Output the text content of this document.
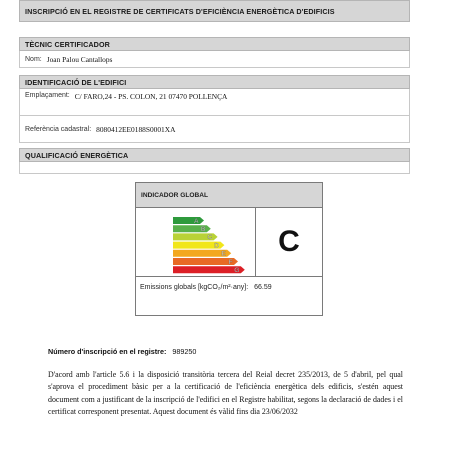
INSCRIPCIÓ EN EL REGISTRE DE CERTIFICATS D'EFICIÈNCIA ENERGÈTICA D'EDIFICIS
TÈCNIC CERTIFICADOR
Nom: Joan Palou Cantallops
IDENTIFICACIÓ DE L'EDIFICI
Emplaçament: C/ FARO,24 - PS. COLON, 21 07470 POLLENÇA
Referència cadastral: 8080412EE0188S0001XA
QUALIFICACIÓ ENERGÈTICA
INDICADOR GLOBAL
A
B
C
D
E
F
G
C
Emissions globals [kgCO₂/m²·any]: 66.59
Número d'inscripció en el registre: 989250
D'acord amb l'article 5.6 i la disposició transitòria tercera del Reial decret 235/2013, de 5 d'abril, pel qual s'aprova el procediment bàsic per a la certificació de l'eficiència energètica dels edificis, s'estén aquest document com a justificant de la inscripció de l'edifici en el Registre habilitat, segons la declaració de dades i el certificat corresponent presentat. Aquest document és vàlid fins dia 23/06/2032
